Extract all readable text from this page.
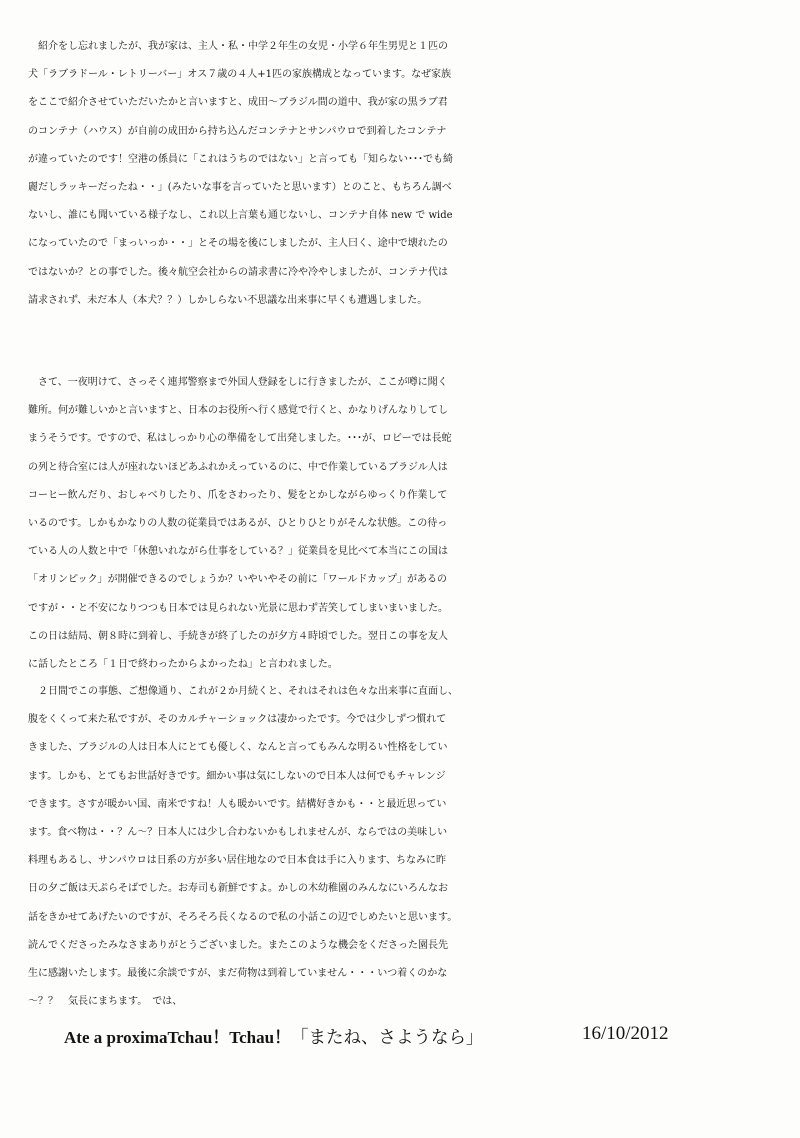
　紹介をし忘れましたが、我が家は、主人・私・中学２年生の女児・小学６年生男児と１匹の
犬「ラブラドール・レトリーバー」オス７歳の４人+1匹の家族構成となっています。なぜ家族
をここで紹介させていただいたかと言いますと、成田〜ブラジル間の道中、我が家の黒ラブ君
のコンテナ（ハウス）が自前の成田から持ち込んだコンテナとサンパウロで到着したコンテナ
が違っていたのです！空港の係員に「これはうちのではない」と言っても「知らない･･･でも綺
麗だしラッキーだったね・・」(みたいな事を言っていたと思います）とのこと、もちろん調べ
ないし、誰にも聞いている様子なし、これ以上言葉も通じないし、コンテナ自体 new で wide
になっていたので「まっいっか・・」とその場を後にしましたが、主人曰く、途中で壊れたの
ではないか？との事でした。後々航空会社からの請求書に冷や冷やしましたが、コンテナ代は
請求されず、未だ本人（本犬？？）しかしらない不思議な出来事に早くも遭遇しました。
　さて、一夜明けて、さっそく連邦警察まで外国人登録をしに行きましたが、ここが噂に聞く
難所。何が難しいかと言いますと、日本のお役所へ行く感覚で行くと、かなりげんなりしてし
まうそうです。ですので、私はしっかり心の準備をして出発しました。･･･が、ロビーでは長蛇
の列と待合室には人が座れないほどあふれかえっているのに、中で作業しているブラジル人は
コーヒー飲んだり、おしゃべりしたり、爪をさわったり、髪をとかしながらゆっくり作業して
いるのです。しかもかなりの人数の従業員ではあるが、ひとりひとりがそんな状態。この待っ
ている人の人数と中で「休憩いれながら仕事をしている？」従業員を見比べて本当にこの国は
「オリンピック」が開催できるのでしょうか？いやいやその前に「ワールドカップ」があるの
ですが・・と不安になりつつも日本では見られない光景に思わず苦笑してしまいまいました。
この日は結局、朝８時に到着し、手続きが終了したのが夕方４時頃でした。翌日この事を友人
に話したところ「１日で終わったからよかったね」と言われました。
　２日間でこの事態、ご想像通り、これが２か月続くと、それはそれは色々な出来事に直面し、
腹をくくって来た私ですが、そのカルチャーショックは凄かったです。今では少しずつ慣れて
きました、ブラジルの人は日本人にとても優しく、なんと言ってもみんな明るい性格をしてい
ます。しかも、とてもお世話好きです。細かい事は気にしないので日本人は何でもチャレンジ
できます。さすが暖かい国、南米ですね！人も暖かいです。結構好きかも・・と最近思ってい
ます。食べ物は・・？ん〜？日本人には少し合わないかもしれませんが、ならではの美味しい
料理もあるし、サンパウロは日系の方が多い居住地なので日本食は手に入ります、ちなみに昨
日の夕ご飯は天ぷらそばでした。お寿司も新鮮ですよ。かしの木幼稚園のみんなにいろんなお
話をきかせてあげたいのですが、そろそろ長くなるので私の小話この辺でしめたいと思います。
読んでくださったみなさまありがとうございました。またこのような機会をくださった園長先
生に感謝いたします。最後に余談ですが、まだ荷物は到着していません・・・いつ着くのかな
〜？？　気長にまちます。　では、
Ate a proximaTchau！Tchau！「またね、さようなら」	16/10/2012
